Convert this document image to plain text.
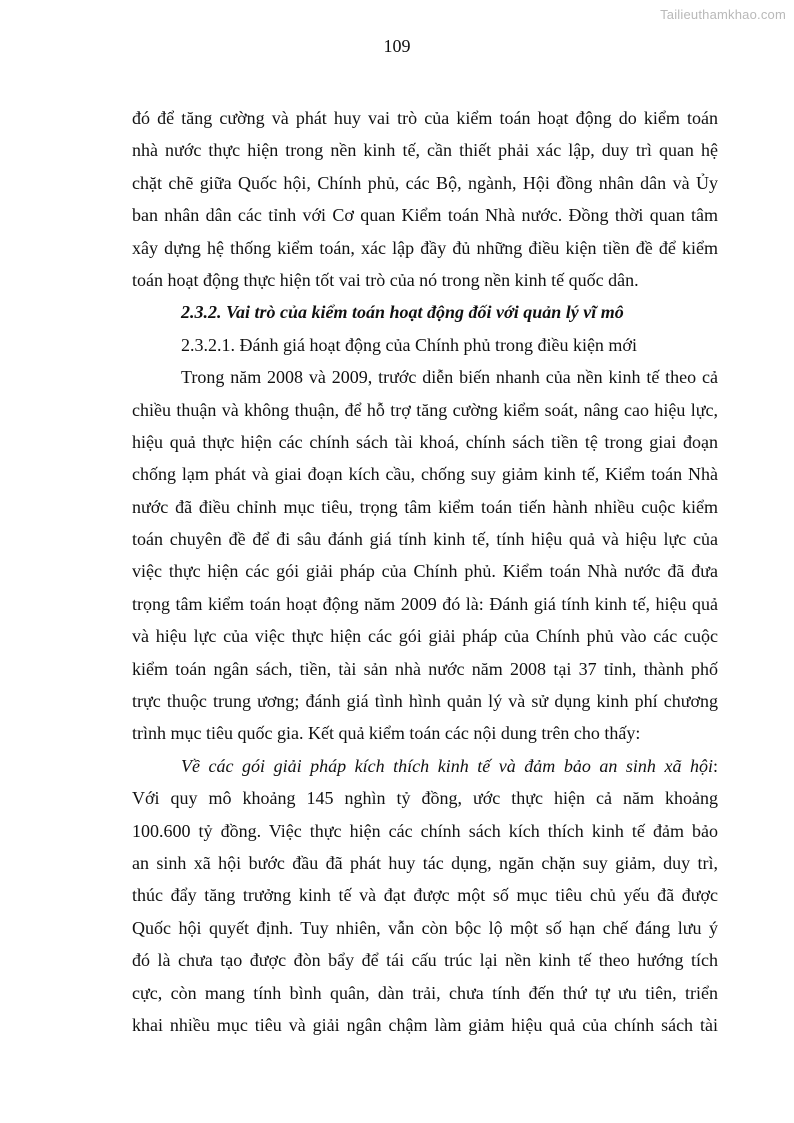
Tailieuthamkhao.com
109
đó để tăng cường và phát huy vai trò của kiểm toán hoạt động do kiểm toán
nhà nước thực hiện trong nền kinh tế, cần thiết phải xác lập, duy trì quan hệ
chặt chẽ giữa Quốc hội, Chính phủ, các Bộ, ngành, Hội đồng nhân dân và Ủy
ban nhân dân các tỉnh với Cơ quan Kiểm toán Nhà nước. Đồng thời quan tâm
xây dựng hệ thống kiểm toán, xác lập đầy đủ những điều kiện tiền đề để kiểm
toán hoạt động thực hiện tốt vai trò của nó trong nền kinh tế quốc dân.
2.3.2. Vai trò của kiểm toán hoạt động đối với quản lý vĩ mô
2.3.2.1. Đánh giá hoạt động của Chính phủ trong điều kiện mới
Trong năm 2008 và 2009, trước diễn biến nhanh của nền kinh tế theo cả
chiều thuận và không thuận, để hỗ trợ tăng cường kiểm soát, nâng cao hiệu lực,
hiệu quả thực hiện các chính sách tài khoá, chính sách tiền tệ trong giai đoạn
chống lạm phát và giai đoạn kích cầu, chống suy giảm kinh tế, Kiểm toán Nhà
nước đã điều chỉnh mục tiêu, trọng tâm kiểm toán tiến hành nhiều cuộc kiểm
toán chuyên đề để đi sâu đánh giá tính kinh tế, tính hiệu quả và hiệu lực của
việc thực hiện các gói giải pháp của Chính phủ. Kiểm toán Nhà nước đã đưa
trọng tâm kiểm toán hoạt động năm 2009 đó là: Đánh giá tính kinh tế, hiệu quả
và hiệu lực của việc thực hiện các gói giải pháp của Chính phủ vào các cuộc
kiểm toán ngân sách, tiền, tài sản nhà nước năm 2008 tại 37 tỉnh, thành phố
trực thuộc trung ương; đánh giá tình hình quản lý và sử dụng kinh phí chương
trình mục tiêu quốc gia. Kết quả kiểm toán các nội dung trên cho thấy:
Về các gói giải pháp kích thích kinh tế và đảm bảo an sinh xã hội:
Với quy mô khoảng 145 nghìn tỷ đồng, ước thực hiện cả năm khoảng
100.600 tỷ đồng. Việc thực hiện các chính sách kích thích kinh tế đảm bảo
an sinh xã hội bước đầu đã phát huy tác dụng, ngăn chặn suy giảm, duy trì,
thúc đẩy tăng trưởng kinh tế và đạt được một số mục tiêu chủ yếu đã được
Quốc hội quyết định. Tuy nhiên, vẫn còn bộc lộ một số hạn chế đáng lưu ý
đó là chưa tạo được đòn bẩy để tái cấu trúc lại nền kinh tế theo hướng tích
cực, còn mang tính bình quân, dàn trải, chưa tính đến thứ tự ưu tiên, triển
khai nhiều mục tiêu và giải ngân chậm làm giảm hiệu quả của chính sách tài
